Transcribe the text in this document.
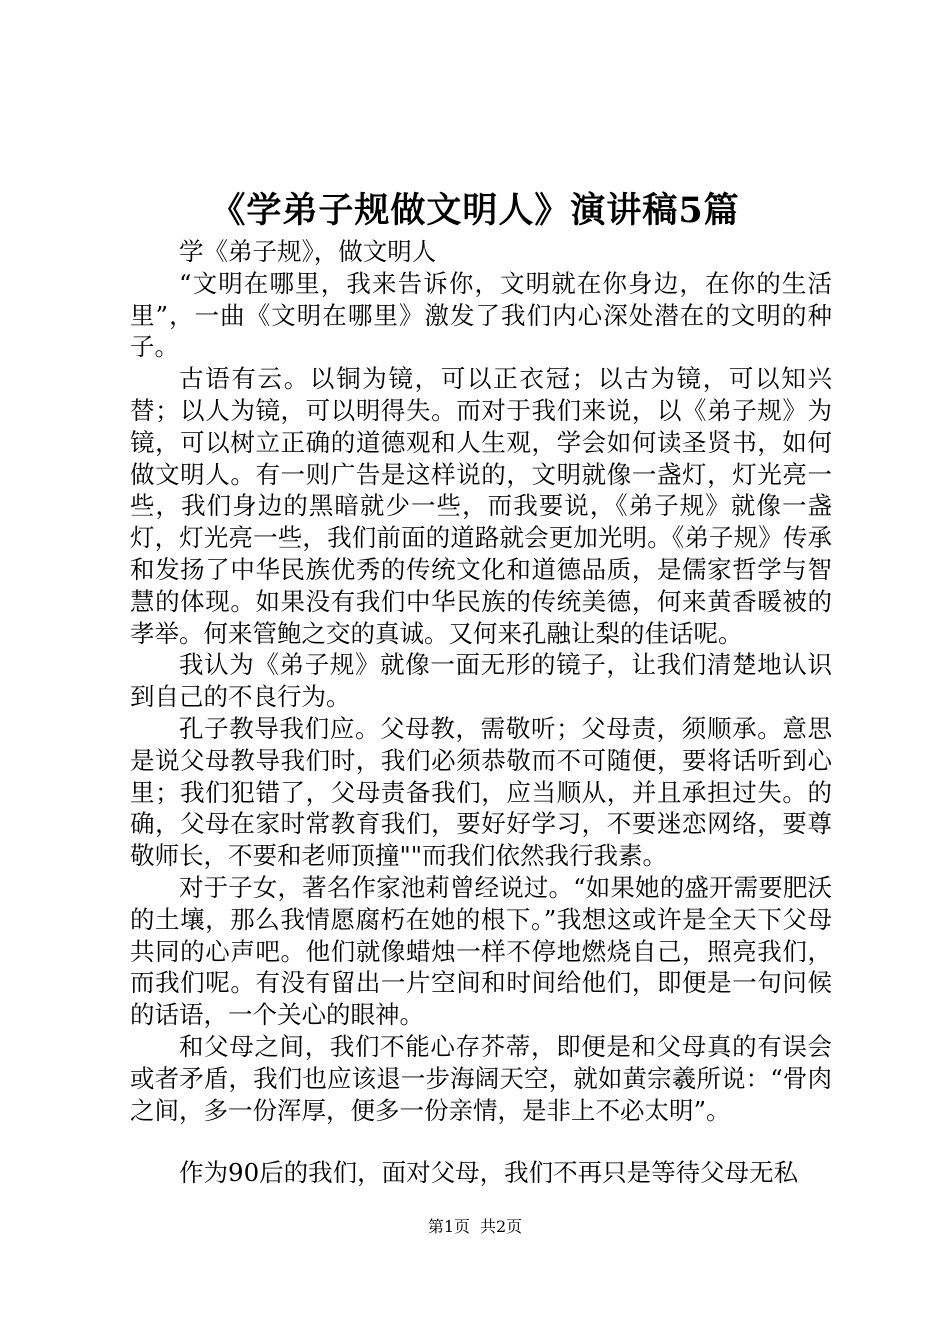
《学弟子规做文明人》演讲稿5篇

学《弟子规》，做文明人

“文明在哪里，我来告诉你，文明就在你身边，在你的生活里”，一曲《文明在哪里》激发了我们内心深处潜在的文明的种子。

古语有云。以铜为镜，可以正衣冠；以古为镜，可以知兴替；以人为镜，可以明得失。而对于我们来说，以《弟子规》为镜，可以树立正确的道德观和人生观，学会如何读圣贤书，如何做文明人。有一则广告是这样说的，文明就像一盏灯，灯光亮一些，我们身边的黑暗就少一些，而我要说，《弟子规》就像一盏灯，灯光亮一些，我们前面的道路就会更加光明。《弟子规》传承和发扬了中华民族优秀的传统文化和道德品质，是儒家哲学与智慧的体现。如果没有我们中华民族的传统美德，何来黄香暖被的孝举。何来管鲍之交的真诚。又何来孔融让梨的佳话呢。

我认为《弟子规》就像一面无形的镜子，让我们清楚地认识到自己的不良行为。

孔子教导我们应。父母教，需敬听；父母责，须顺承。意思是说父母教导我们时，我们必须恭敬而不可随便，要将话听到心里；我们犯错了，父母责备我们，应当顺从，并且承担过失。的确，父母在家时常教育我们，要好好学习，不要迷恋网络，要尊敬师长，不要和老师顶撞""而我们依然我行我素。

对于子女，著名作家池莉曾经说过。“如果她的盛开需要肥沃的土壤，那么我情愿腐朽在她的根下。”我想这或许是全天下父母共同的心声吧。他们就像蜡烛一样不停地燃烧自己，照亮我们，而我们呢。有没有留出一片空间和时间给他们，即便是一句问候的话语，一个关心的眼神。

和父母之间，我们不能心存芥蒂，即便是和父母真的有误会或者矛盾，我们也应该退一步海阔天空，就如黄宗羲所说：“骨肉之间，多一份浑厚，便多一份亲情，是非上不必太明”。

作为90后的我们，面对父母，我们不再只是等待父母无私

第1页 共2页
